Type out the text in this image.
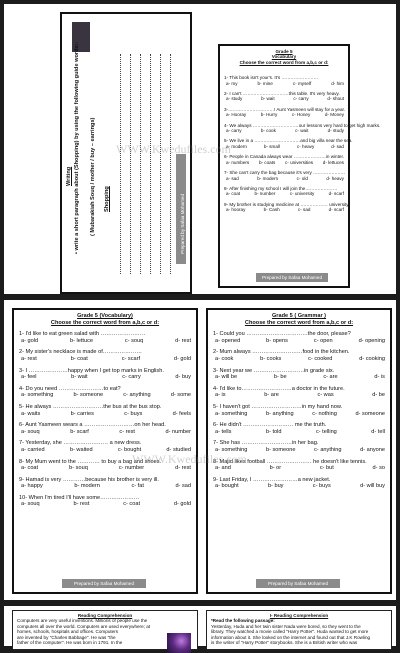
Writing • write a short paragraph about (Shopping) by using the following guide words:- ( Mubarakiah Souq / mother / buy – earrings) Shopping	Prepared by Safaa Mohamed
Grade 5
Vocabulary
Choose the correct word from a,b,c or d:
1- This book isn't your's. It's ……………………
a- my	b- mine	c- myself	d- him
2- I can't …………………………this table. It's very heavy.
a- study	b- wait	c- carry	d- shout
3-…………………………! Aunt Yasmeen will stay for a year.
a- Hooray	b- Hurry	c- Honey	d- Money
4- We always …………………………our lessons very hard to get high marks.
a- carry	b- cook	c- wait	d- study
5- We live in a …………………………and big villa near the sea.
a- modern	b- small	c- heavy	d- sad
6- People in Canada always wear …………………in winter.
a- numbers b- coats c- universities d- lettuces
7- She can't carry the bag because it's very …………………
a- sad	b- modern	c- old	d- heavy
8- After finishing my school I will join the…………………
a- coat	b- number	c- university	d- scarf
9- My brother is studying medicine at ……………… university.
a- hooray	b- Cash	c- sad	d- scarf
Prepared by Safaa Mohamed
WWW.Kwedufiles.com
Grade 5 (Vocabulary)
Choose the correct word from a,b,c or d:
1- I'd like to eat green salad with ……………………
a- gold	b- lettuce	c- souq	d- rest
2- My sister's necklace is made of…………………
a- rest	b- coat	c- scarf	d- gold
3- I …………………happy when I get top marks in English.
a- feel	b- wait	c- carry	d- buy
4- Do you need ……………………to eat?
a- something	b- someone	c- anything	d- some
5- He always ………………………the bus at the bus stop.
a- waits	b- carries	c- buys	d- feels
6- Aunt Yasmeen wears a ………………………on her head.
a- souq	b- scarf	c- rest	d- number
7- Yesterday, she …………………… a new dress.
a- carried	b- waited	c- bought	d- studied
8- My Mum went to the ………… to buy a bag and shoes.
a- coat	b- souq	c- number	d- rest
9- Hamad is very …………because his brother is very ill.
a- happy	b- modern	c- fat	d- sad
10- When I'm tired I'll have some…………………
a- souq	b- rest	c- coat	d- gold
Prepared by Safaa Mohamed
Grade 5 ( Grammar )
Choose the correct word from a,b,c or d:
1- Could you ……………………………the door, please?
a- opened	b- opens	c- open	d- opening
2- Mum always ………………………food in the kitchen.
a- cook	b- cooks	c- cooked	d- cooking
3- Next year we ………………………in grade six.
a- will be	b- be	c- are	d- is
4- I'd like to………………………a doctor in the future.
a- is	b- are	c- was	d- be
5- I haven't got ………………………in my hand now.
a- something	b- anything	c- nothing	d- someone
6- He didn't ……………………… me the truth.
a- tells	b- told	c- telling	d- tell
7- She has ………………………in her bag.
a- something	b- someone	c- anything	d- anyone
8- Majid likes football …………………… he doesn't like tennis.
a- and	b- or	c- but	d- so
9- Last Friday, I ……………………a new jacket.
a- bought	b- buy	c- buys	d- will buy
Prepared by Safaa Mohamed
WWW.Kwedufiles.com
Reading Comprehension
Computers are very useful inventions. Millions of people use the
computers all over the world. Computers are used everywhere; at
homes, schools, hospitals and offices. Computers
are invented by "Charles Babbage". He was "the
father of the computer". He was born in 1791. In the
I- Reading Comprehension
*Read the following passage:
Yesterday, Huda and her twin sister Nada were bored, so they went to the
library. They watched a movie called "Harry Potter". Huda wanted to get more
information about it. She looked on the internet and found out that J.K Rowling
is the writer of "Harry Potter" storybooks. She is a British writer who was
